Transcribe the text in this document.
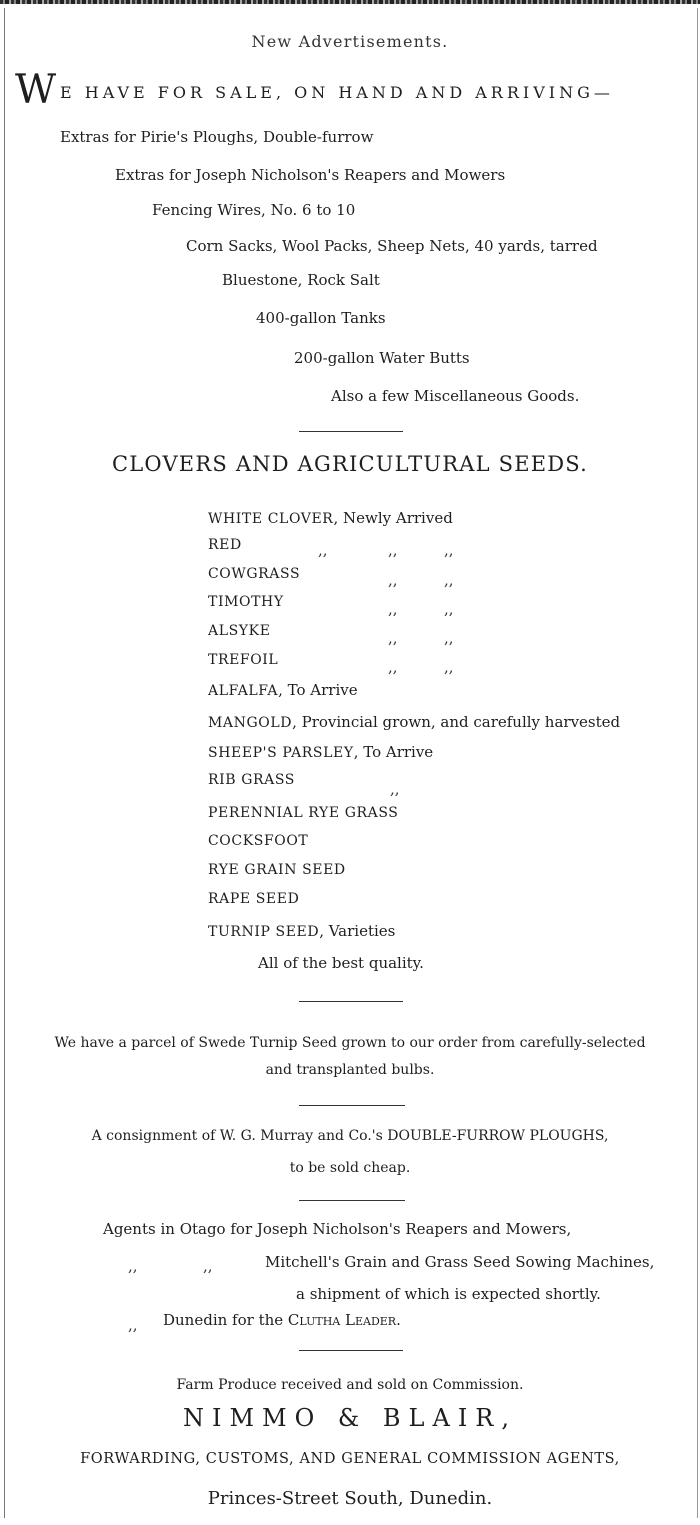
New Advertisements.
W E HAVE FOR SALE, ON HAND AND ARRIVING—
Extras for Pirie's Ploughs, Double-furrow
Extras for Joseph Nicholson's Reapers and Mowers
Fencing Wires, No. 6 to 10
Corn Sacks, Wool Packs, Sheep Nets, 40 yards, tarred
Bluestone, Rock Salt
400-gallon Tanks
200-gallon Water Butts
Also a few Miscellaneous Goods.
CLOVERS AND AGRICULTURAL SEEDS.
WHITE CLOVER, Newly Arrived
RED	,,	,,	,,
COWGRASS	,,	,,
TIMOTHY	,,	,,
ALSYKE	,,	,,
TREFOIL	,,	,,
ALFALFA, To Arrive
MANGOLD, Provincial grown, and carefully harvested
SHEEP'S PARSLEY, To Arrive
RIB GRASS	,,
PERENNIAL RYE GRASS
COCKSFOOT
RYE GRAIN SEED
RAPE SEED
TURNIP SEED, Varieties
All of the best quality.
We have a parcel of Swede Turnip Seed grown to our order from carefully-selected
and transplanted bulbs.
A consignment of W. G. Murray and Co.'s DOUBLE-FURROW PLOUGHS,
to be sold cheap.
Agents in Otago for Joseph Nicholson's Reapers and Mowers,
,,	,,	Mitchell's Grain and Grass Seed Sowing Machines,
a shipment of which is expected shortly.
,, Dunedin for the Clutha Leader.
Farm Produce received and sold on Commission.
NIMMO & BLAIR,
FORWARDING, CUSTOMS, AND GENERAL COMMISSION AGENTS,
Princes-Street South, Dunedin.
